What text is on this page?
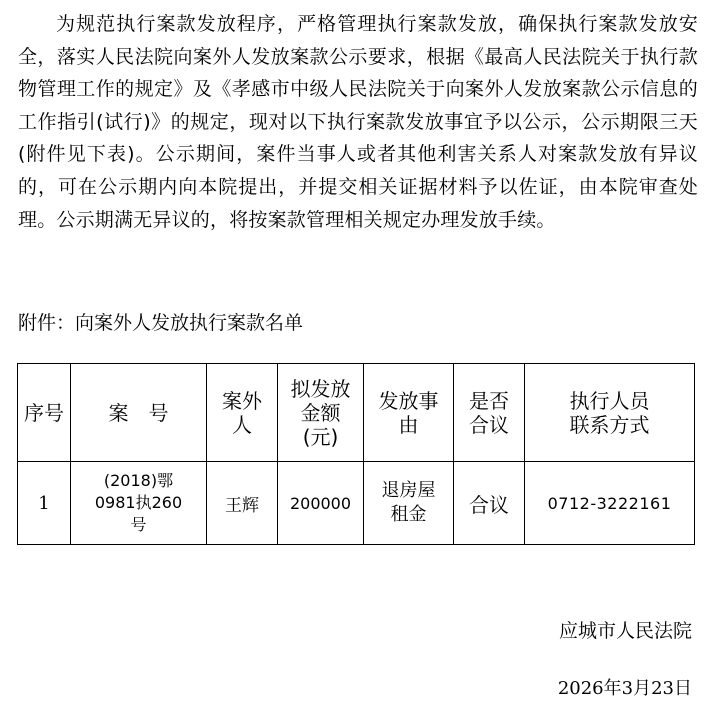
为规范执行案款发放程序，严格管理执行案款发放，确保执行案款发放安全，落实人民法院向案外人发放案款公示要求，根据《最高人民法院关于执行款物管理工作的规定》及《孝感市中级人民法院关于向案外人发放案款公示信息的工作指引(试行)》的规定，现对以下执行案款发放事宜予以公示，公示期限三天(附件见下表)。公示期间，案件当事人或者其他利害关系人对案款发放有异议的，可在公示期内向本院提出，并提交相关证据材料予以佐证，由本院审查处理。公示期满无异议的，将按案款管理相关规定办理发放手续。

附件：向案外人发放执行案款名单

序号	案　号	案外人	拟发放金额(元)	发放事由	是否合议	执行人员联系方式
1	(2018)鄂0981执260号	王辉	200000	退房屋租金	合议	0712-3222161

应城市人民法院

2026年3月23日
